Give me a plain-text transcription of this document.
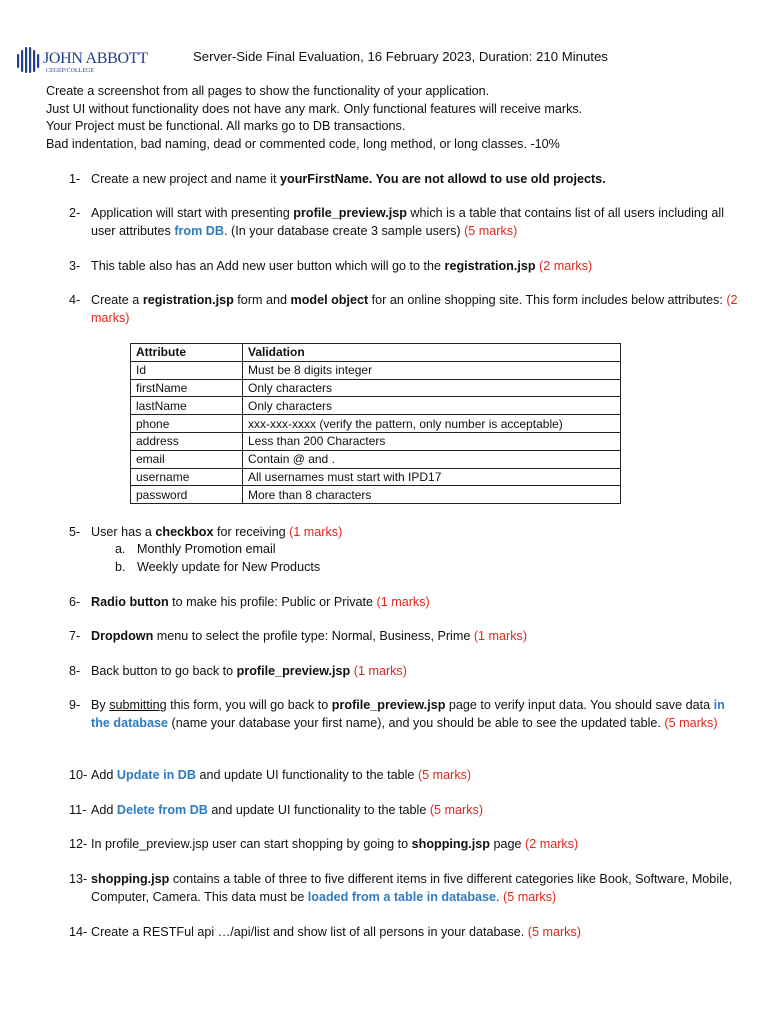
JOHN ABBOTT
CEGEP/COLLEGE
Server-Side Final Evaluation, 16 February 2023, Duration: 210 Minutes
Create a screenshot from all pages to show the functionality of your application.
Just UI without functionality does not have any mark. Only functional features will receive marks.
Your Project must be functional. All marks go to DB transactions.
Bad indentation, bad naming, dead or commented code, long method, or long classes. -10%
1- Create a new project and name it yourFirstName. You are not allowd to use old projects.
2- Application will start with presenting profile_preview.jsp which is a table that contains list of all users including all user attributes from DB. (In your database create 3 sample users) (5 marks)
3- This table also has an Add new user button which will go to the registration.jsp (2 marks)
4- Create a registration.jsp form and model object for an online shopping site. This form includes below attributes: (2 marks)
Attribute	Validation
Id	Must be 8 digits integer
firstName	Only characters
lastName	Only characters
phone	xxx-xxx-xxxx (verify the pattern, only number is acceptable)
address	Less than 200 Characters
email	Contain @ and .
username	All usernames must start with IPD17
password	More than 8 characters
5- User has a checkbox for receiving (1 marks)
a. Monthly Promotion email
b. Weekly update for New Products
6- Radio button to make his profile: Public or Private (1 marks)
7- Dropdown menu to select the profile type: Normal, Business, Prime (1 marks)
8- Back button to go back to profile_preview.jsp (1 marks)
9- By submitting this form, you will go back to profile_preview.jsp page to verify input data. You should save data in the database (name your database your first name), and you should be able to see the updated table. (5 marks)
10- Add Update in DB and update UI functionality to the table (5 marks)
11- Add Delete from DB and update UI functionality to the table (5 marks)
12- In profile_preview.jsp user can start shopping by going to shopping.jsp page (2 marks)
13- shopping.jsp contains a table of three to five different items in five different categories like Book, Software, Mobile, Computer, Camera. This data must be loaded from a table in database. (5 marks)
14- Create a RESTFul api …/api/list and show list of all persons in your database. (5 marks)
